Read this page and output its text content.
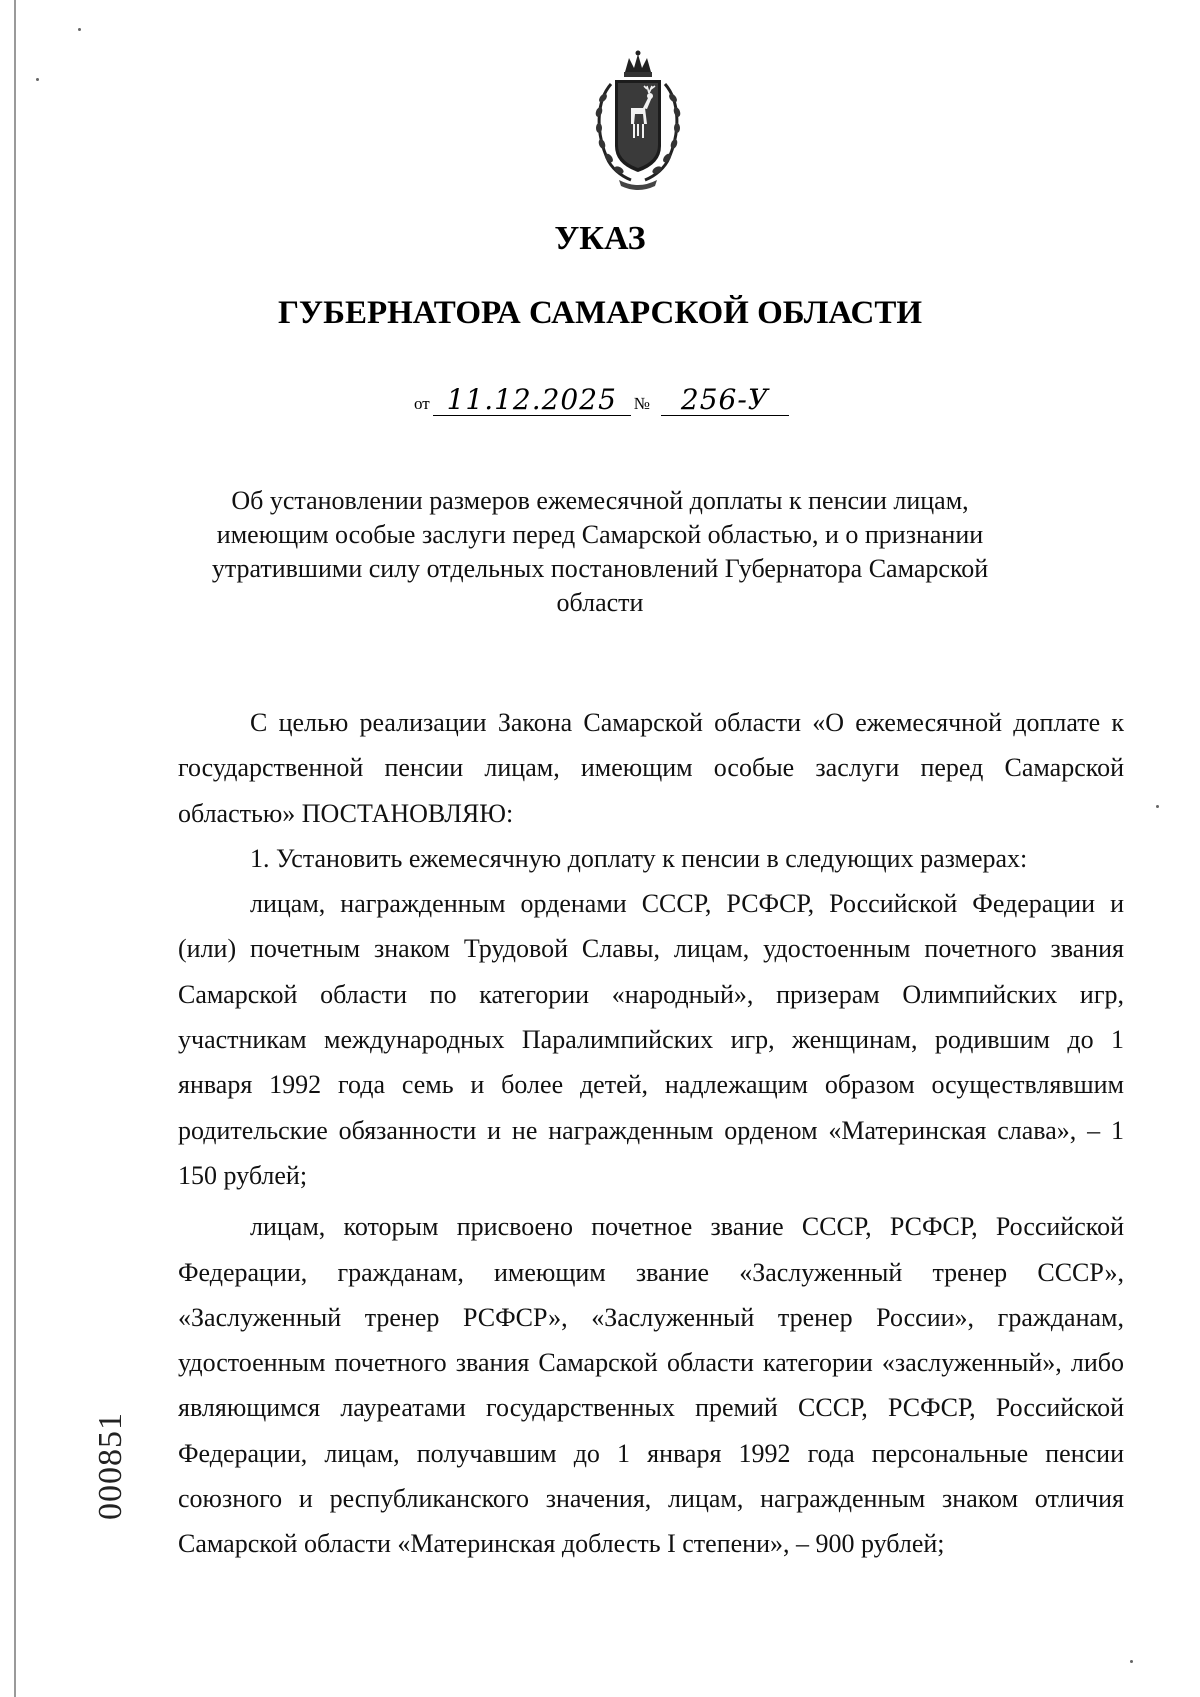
УКАЗ
ГУБЕРНАТОРА САМАРСКОЙ ОБЛАСТИ
от 11.12.2025 № 256-У
Об установлении размеров ежемесячной доплаты к пенсии лицам, имеющим особые заслуги перед Самарской областью, и о признании утратившими силу отдельных постановлений Губернатора Самарской области

С целью реализации Закона Самарской области «О ежемесячной доплате к государственной пенсии лицам, имеющим особые заслуги перед Самарской областью» ПОСТАНОВЛЯЮ:

1. Установить ежемесячную доплату к пенсии в следующих размерах:

лицам, награжденным орденами СССР, РСФСР, Российской Федерации и (или) почетным знаком Трудовой Славы, лицам, удостоенным почетного звания Самарской области по категории «народный», призерам Олимпийских игр, участникам международных Паралимпийских игр, женщинам, родившим до 1 января 1992 года семь и более детей, надлежащим образом осуществлявшим родительские обязанности и не награжденным орденом «Материнская слава», – 1 150 рублей;

лицам, которым присвоено почетное звание СССР, РСФСР, Российской Федерации, гражданам, имеющим звание «Заслуженный тренер СССР», «Заслуженный тренер РСФСР», «Заслуженный тренер России», гражданам, удостоенным почетного звания Самарской области категории «заслуженный», либо являющимся лауреатами государственных премий СССР, РСФСР, Российской Федерации, лицам, получавшим до 1 января 1992 года персональные пенсии союзного и республиканского значения, лицам, награжденным знаком отличия Самарской области «Материнская доблесть I степени», – 900 рублей;

000851
